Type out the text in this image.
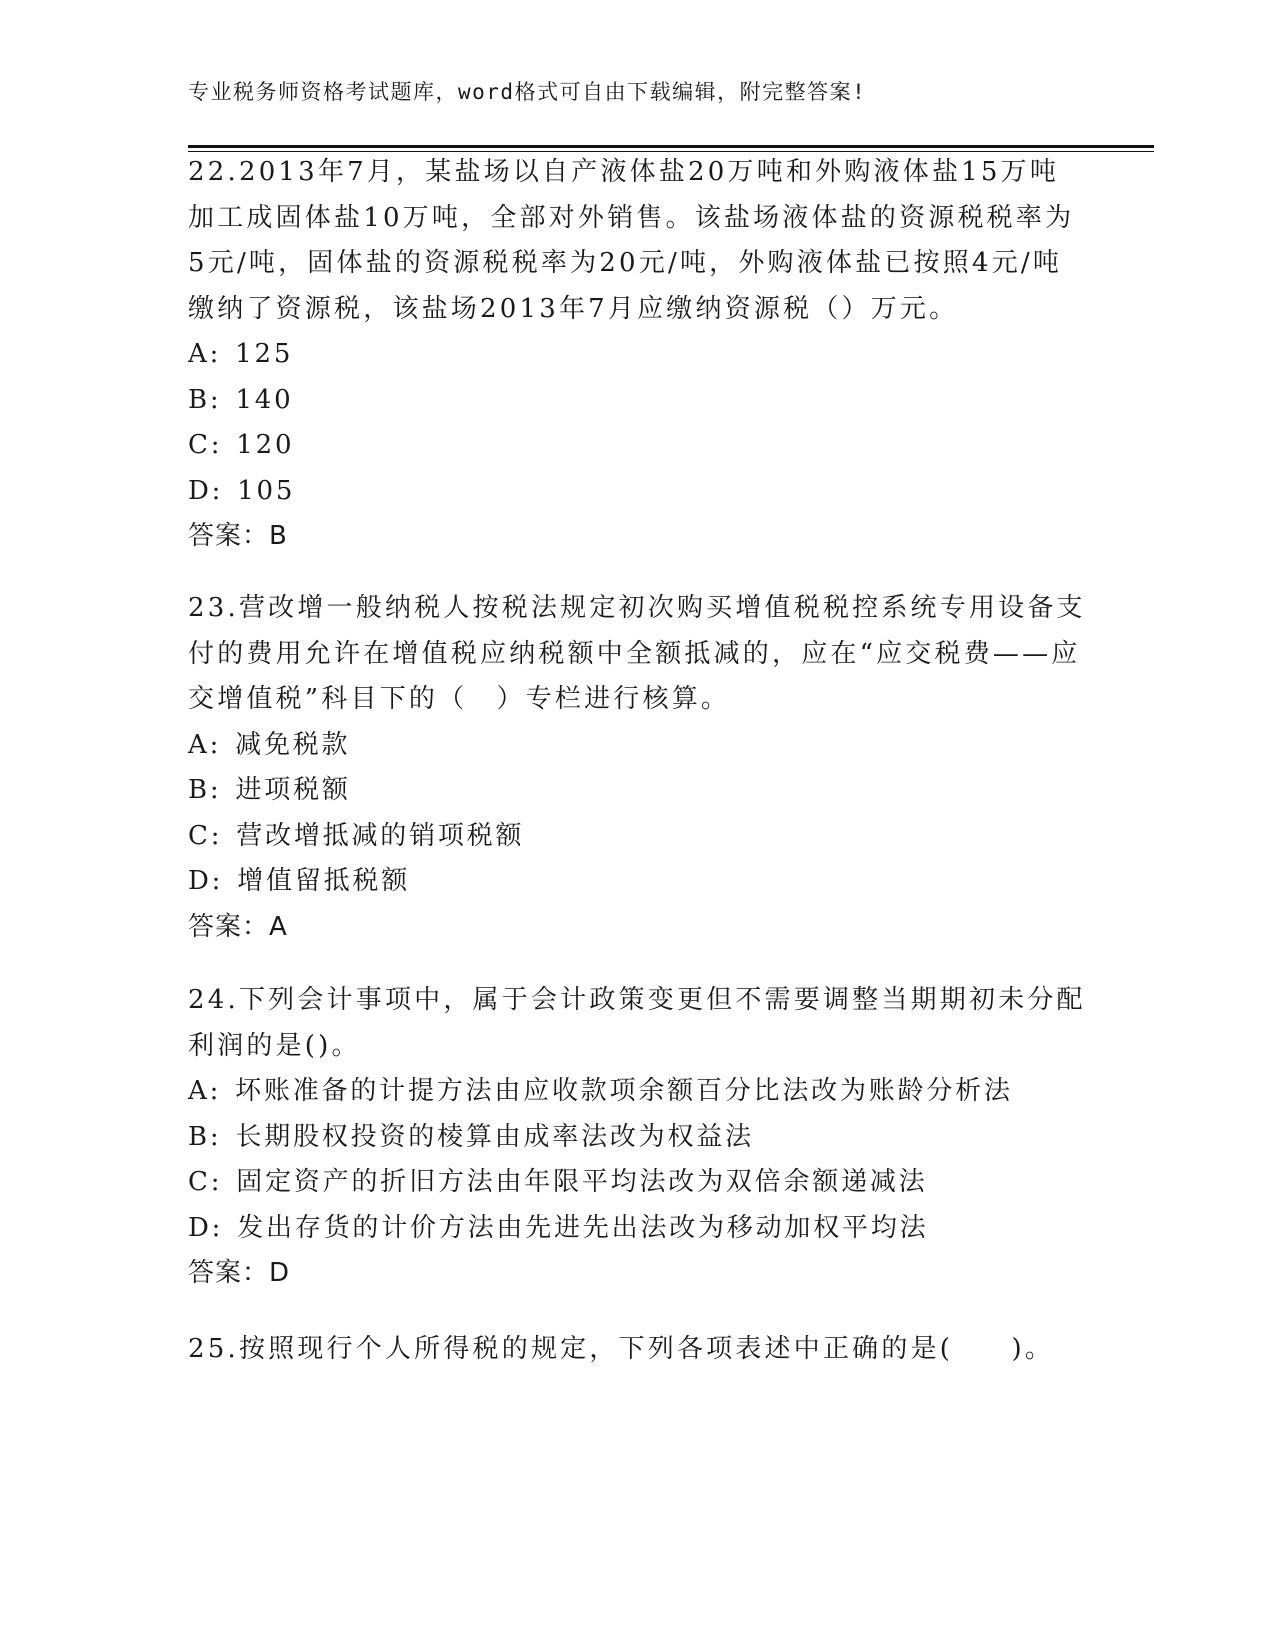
专业税务师资格考试题库，word格式可自由下载编辑，附完整答案!

22.2013年7月，某盐场以自产液体盐20万吨和外购液体盐15万吨加工成固体盐10万吨，全部对外销售。该盐场液体盐的资源税税率为5元/吨，固体盐的资源税税率为20元/吨，外购液体盐已按照4元/吨缴纳了资源税，该盐场2013年7月应缴纳资源税（）万元。

A: 125
B: 140
C: 120
D: 105
答案：B

23.营改增一般纳税人按税法规定初次购买增值税税控系统专用设备支付的费用允许在增值税应纳税额中全额抵减的，应在“应交税费——应交增值税”科目下的（　）专栏进行核算。

A: 减免税款
B: 进项税额
C: 营改增抵减的销项税额
D: 增值留抵税额
答案：A

24.下列会计事项中，属于会计政策变更但不需要调整当期期初未分配利润的是()。

A: 坏账准备的计提方法由应收款项余额百分比法改为账龄分析法
B: 长期股权投资的棱算由成率法改为权益法
C: 固定资产的折旧方法由年限平均法改为双倍余额递减法
D: 发出存货的计价方法由先进先出法改为移动加权平均法
答案：D

25.按照现行个人所得税的规定，下列各项表述中正确的是(　　)。
